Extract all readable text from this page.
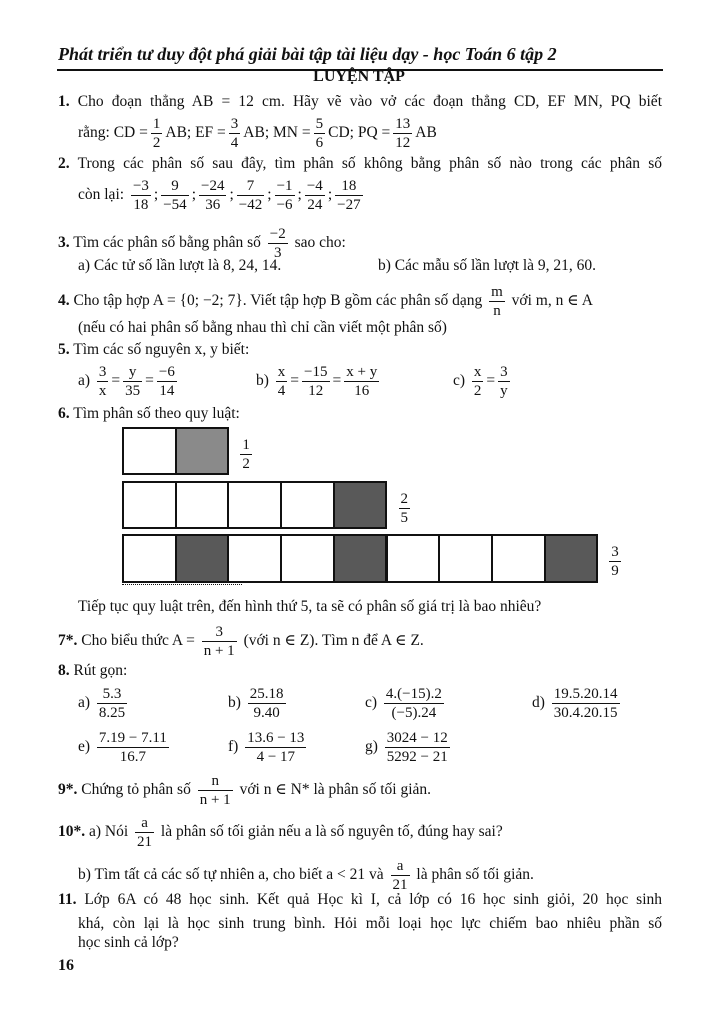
Phát triển tư duy đột phá giải bài tập tài liệu dạy - học Toán 6 tập 2
LUYỆN TẬP
1. Cho đoạn thẳng AB = 12 cm. Hãy vẽ vào vở các đoạn thẳng CD, EF MN, PQ biết
rằng: CD = $\frac{1}{2}$ AB; EF = $\frac{3}{4}$ AB; MN = $\frac{5}{6}$ CD; PQ = $\frac{13}{12}$ AB
2. Trong các phân số sau đây, tìm phân số không bằng phân số nào trong các phân số
còn lại: $\frac{-3}{18}$ ; $\frac{9}{-54}$ ; $\frac{-24}{36}$ ; $\frac{7}{-42}$ ; $\frac{-1}{-6}$ ; $\frac{-4}{24}$ ; $\frac{18}{-27}$
3. Tìm các phân số bằng phân số $\frac{-2}{3}$ sao cho:
a) Các tử số lần lượt là 8, 24, 14.	b) Các mẫu số lần lượt là 9, 21, 60.
4. Cho tập hợp A = {0; −2; 7}. Viết tập hợp B gồm các phân số dạng $\frac{m}{n}$ với m, n ∈ A
(nếu có hai phân số bằng nhau thì chỉ cần viết một phân số)
5. Tìm các số nguyên x, y biết:
$a) \frac{3}{x} = \frac{y}{35} = \frac{-6}{14}$	$b) \frac{x}{4} = \frac{-15}{12} = \frac{x + y}{16}$	$c) \frac{x}{2} = \frac{3}{y}$
6. Tìm phân số theo quy luật:
Tiếp tục quy luật trên, đến hình thứ 5, ta sẽ có phân số giá trị là bao nhiêu?
7*. Cho biểu thức $A = \frac{3}{n + 1}$ (với n ∈ Z). Tìm n để A ∈ Z.
8. Rút gọn:
9*. Chứng tỏ phân số $\frac{n}{n + 1}$ với n ∈ N* là phân số tối giản.
10*. a) Nói $\frac{a}{21}$ là phân số tối giản nếu a là số nguyên tố, đúng hay sai?
b) Tìm tất cả các số tự nhiên a, cho biết a < 21 và $\frac{a}{21}$ là phân số tối giản.
11. Lớp 6A có 48 học sinh. Kết quả Học kì I, cả lớp có 16 học sinh giỏi, 20 học sinh
khá, còn lại là học sinh trung bình. Hỏi mỗi loại học lực chiếm bao nhiêu phần số
học sinh cả lớp?
16
$\frac{1}{2}$
$\frac{2}{5}$
$\frac{3}{9}$
$a) \frac{5.3}{8.25}$	$b) \frac{25.18}{9.40}$	$c) \frac{4.(-15).2}{(-5).24}$	$d) \frac{19.5.20.14}{30.4.20.15}$
$e) \frac{7.19 - 7.11}{16.7}$	$f) \frac{13.6 - 13}{4 - 17}$	$g) \frac{3024 - 12}{5292 - 21}$
